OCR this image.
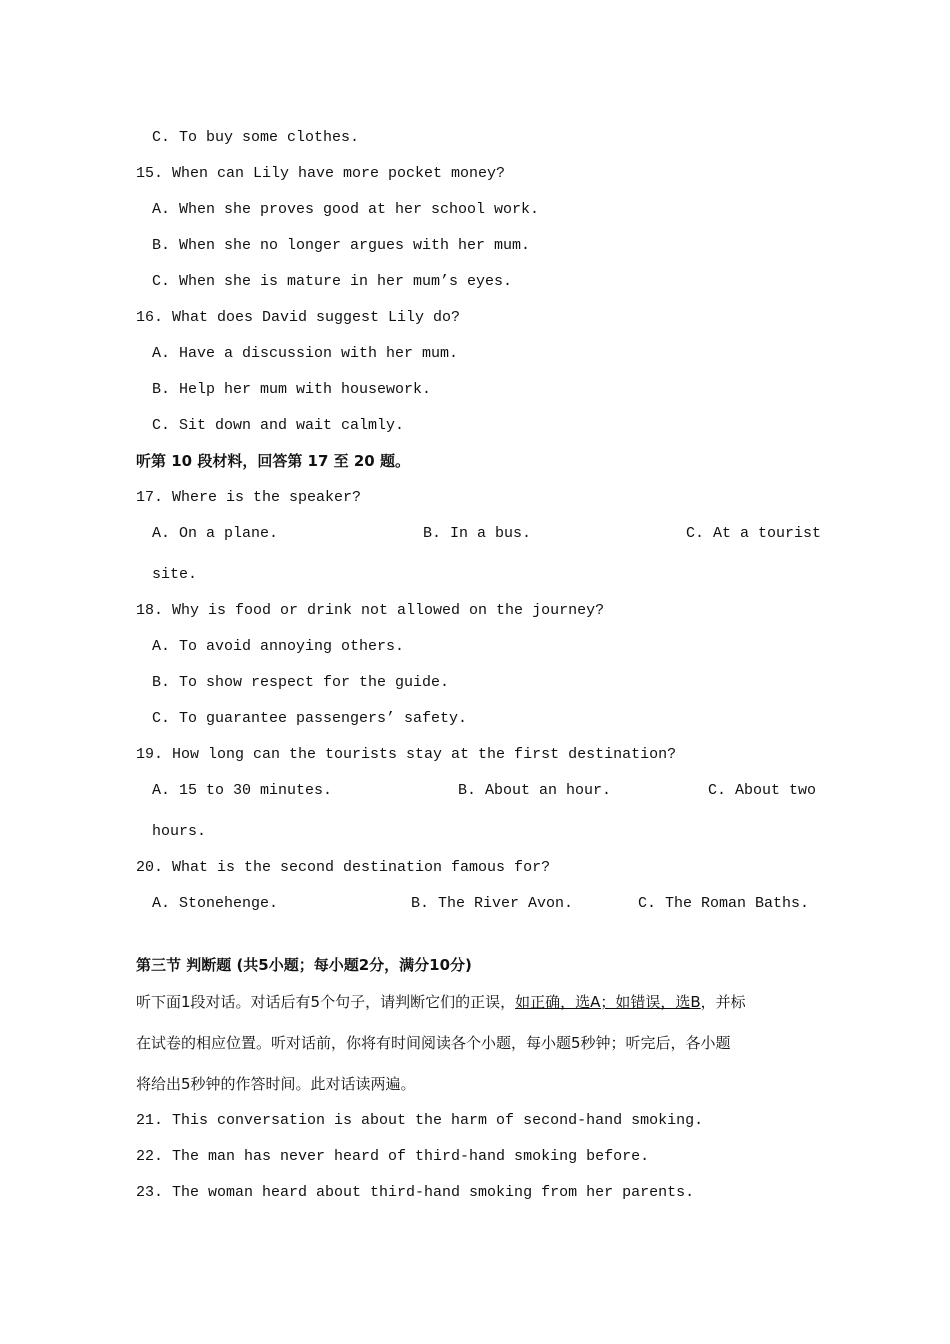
C. To buy some clothes.
15. When can Lily have more pocket money?
A. When she proves good at her school work.
B. When she no longer argues with her mum.
C. When she is mature in her mum’s eyes.
16. What does David suggest Lily do?
A. Have a discussion with her mum.
B. Help her mum with housework.
C. Sit down and wait calmly.
听第 10 段材料，回答第 17 至 20 题。
17. Where is the speaker?
A. On a plane.	B. In a bus.	C. At a tourist
site.
18. Why is food or drink not allowed on the journey?
A. To avoid annoying others.
B. To show respect for the guide.
C. To guarantee passengers’ safety.
19. How long can the tourists stay at the first destination?
A. 15 to 30 minutes.	B. About an hour.	C. About two
hours.
20. What is the second destination famous for?
A. Stonehenge.	B. The River Avon.	C. The Roman Baths.
第三节 判断题 (共5小题；每小题2分，满分10分)
听下面1段对话。对话后有5个句子，请判断它们的正误，如正确，选A；如错误，选B，并标
在试卷的相应位置。听对话前，你将有时间阅读各个小题，每小题5秒钟；听完后，各小题
将给出5秒钟的作答时间。此对话读两遍。
21. This conversation is about the harm of second-hand smoking.
22. The man has never heard of third-hand smoking before.
23. The woman heard about third-hand smoking from her parents.
